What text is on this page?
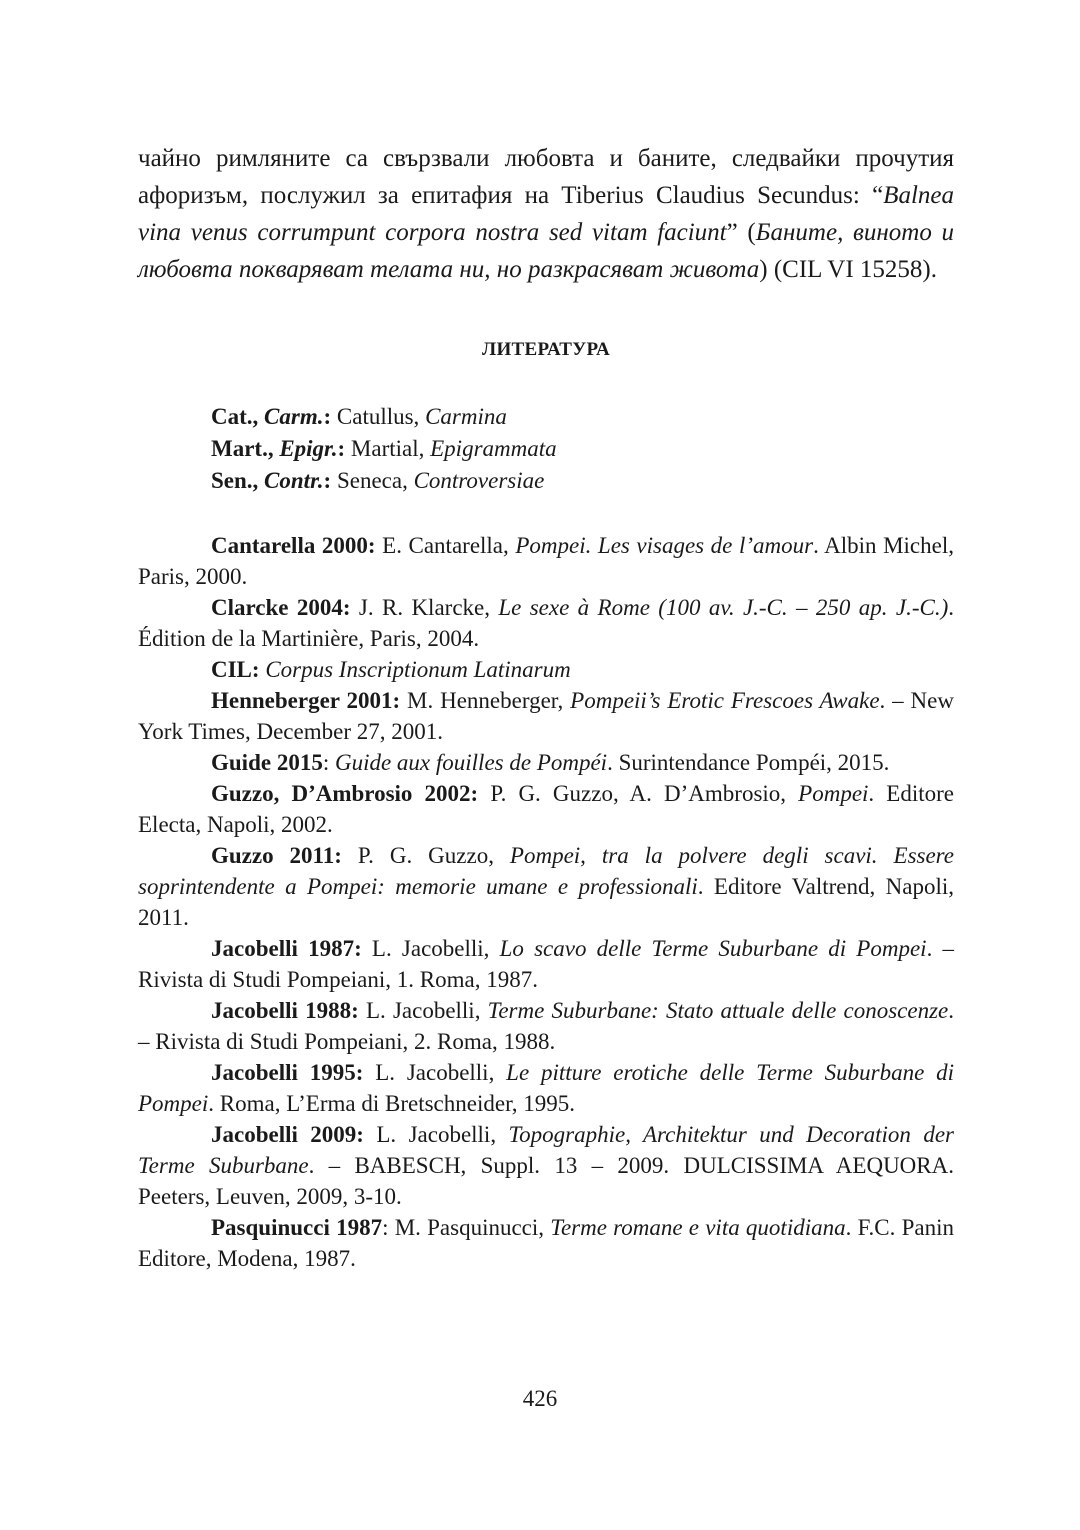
чайно римляните са свързвали любовта и баните, следвайки прочутия афоризъм, послужил за епитафия на Tiberius Claudius Secundus: “Balnea vina venus corrumpunt corpora nostra sed vitam faciunt” (Баните, виното и любовта покваряват телата ни, но разкрасяват живота) (CIL VI 15258).

ЛИТЕРАТУРА
Cat., Carm.: Catullus, Carmina
Mart., Epigr.: Martial, Epigrammata
Sen., Contr.: Seneca, Controversiae

Cantarella 2000: E. Cantarella, Pompei. Les visages de l’amour. Albin Michel, Paris, 2000.

Clarcke 2004: J. R. Klarcke, Le sexe à Rome (100 av. J.-C. – 250 ap. J.-C.). Édition de la Martinière, Paris, 2004.

CIL: Corpus Inscriptionum Latinarum

Henneberger 2001: M. Henneberger, Pompeii’s Erotic Frescoes Awake. – New York Times, December 27, 2001.

Guide 2015: Guide aux fouilles de Pompéi. Surintendance Pompéi, 2015.

Guzzo, D’Ambrosio 2002: P. G. Guzzo, A. D’Ambrosio, Pompei. Editore Electa, Napoli, 2002.

Guzzo 2011: P. G. Guzzo, Pompei, tra la polvere degli scavi. Essere soprintendente a Pompei: memorie umane e professionali. Editore Valtrend, Napoli, 2011.

Jacobelli 1987: L. Jacobelli, Lo scavo delle Terme Suburbane di Pompei. – Rivista di Studi Pompeiani, 1. Roma, 1987.

Jacobelli 1988: L. Jacobelli, Terme Suburbane: Stato attuale delle conoscenze. – Rivista di Studi Pompeiani, 2. Roma, 1988.

Jacobelli 1995: L. Jacobelli, Le pitture erotiche delle Terme Suburbane di Pompei. Roma, L’Erma di Bretschneider, 1995.

Jacobelli 2009: L. Jacobelli, Topographie, Architektur und Decoration der Terme Suburbane. – BABESCH, Suppl. 13 – 2009. DULCISSIMA AEQUORA. Peeters, Leuven, 2009, 3-10.

Pasquinucci 1987: M. Pasquinucci, Terme romane e vita quotidiana. F.C. Panin Editore, Modena, 1987.

426
